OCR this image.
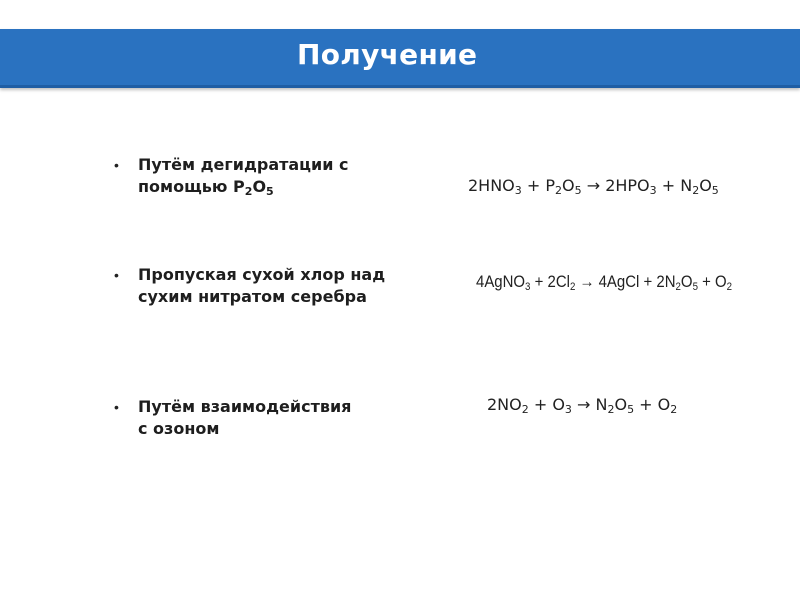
Получение
• Путём дегидратации с
помощью P2O5	$2HNO_3 + P_2O_5 \to 2HPO_3 + N_2O_5$
• Пропуская сухой хлор над
сухим нитратом серебра
4AgNO$_3$ + $2Cl_2$ → 4AgCl + $2N_2O_5 + O_2$
• Путём взаимодействия
с озоном
$2NO_2 + O_3 \to N_2O_5 + O_2$
